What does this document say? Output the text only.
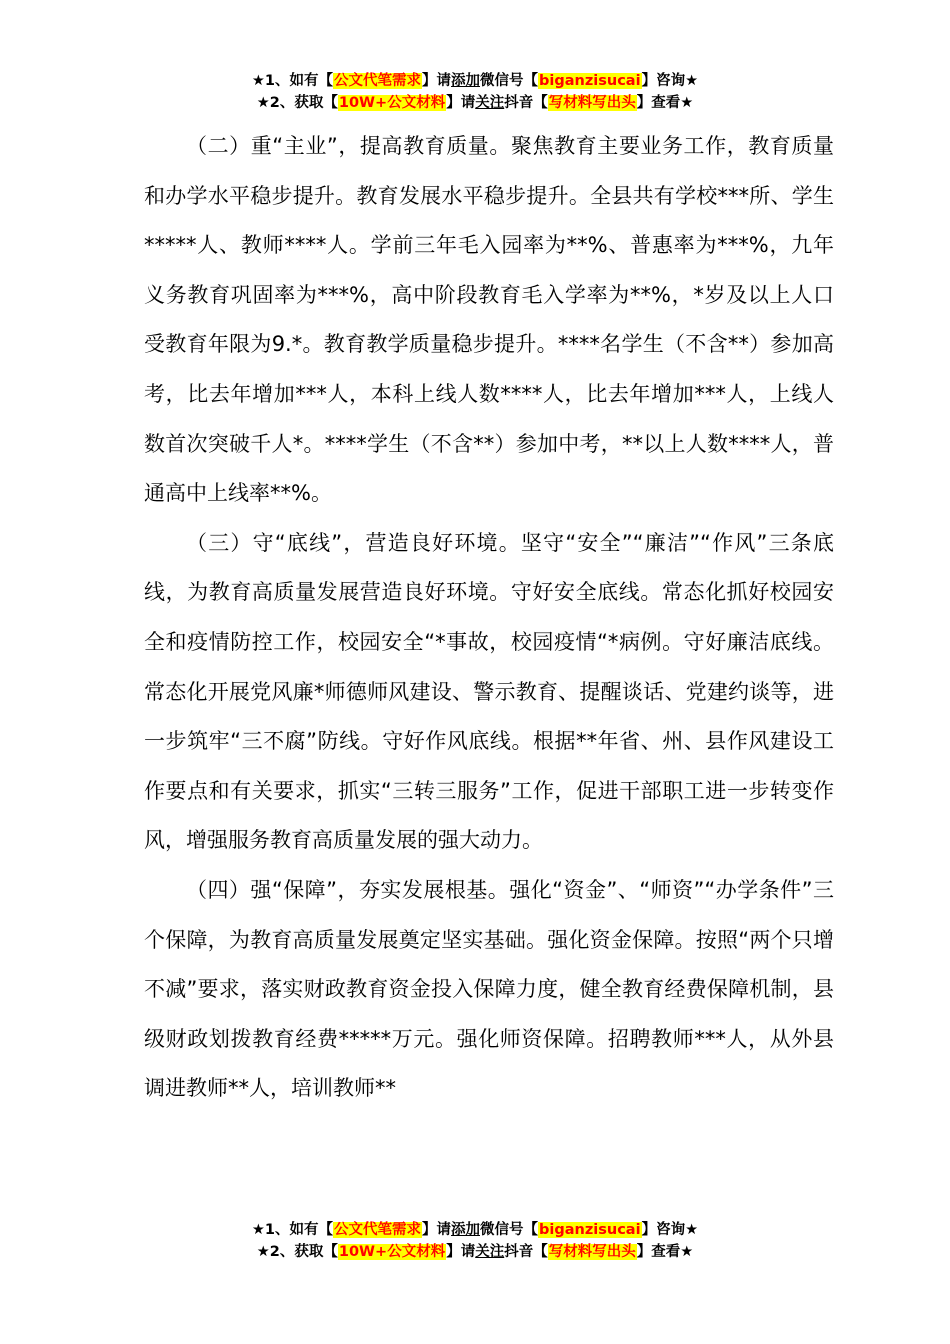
★1、如有【公文代笔需求】请添加微信号【biganzisucai】咨询★
★2、获取【10W+公文材料】请关注抖音【写材料写出头】查看★

（二）重“主业”，提高教育质量。聚焦教育主要业务工作，教育质量和办学水平稳步提升。教育发展水平稳步提升。全县共有学校***所、学生*****人、教师****人。学前三年毛入园率为**%、普惠率为***%，九年义务教育巩固率为***%，高中阶段教育毛入学率为**%，*岁及以上人口受教育年限为9.*。教育教学质量稳步提升。****名学生（不含**）参加高考，比去年增加***人，本科上线人数****人，比去年增加***人，上线人数首次突破千人*。****学生（不含**）参加中考，**以上人数****人，普通高中上线率**%。

（三）守“底线”，营造良好环境。坚守“安全”“廉洁”“作风”三条底线，为教育高质量发展营造良好环境。守好安全底线。常态化抓好校园安全和疫情防控工作，校园安全“*事故，校园疫情“*病例。守好廉洁底线。常态化开展党风廉*师德师风建设、警示教育、提醒谈话、党建约谈等，进一步筑牢“三不腐”防线。守好作风底线。根据**年省、州、县作风建设工作要点和有关要求，抓实“三转三服务”工作，促进干部职工进一步转变作风，增强服务教育高质量发展的强大动力。

（四）强“保障”，夯实发展根基。强化“资金”、“师资”“办学条件”三个保障，为教育高质量发展奠定坚实基础。强化资金保障。按照“两个只增不减”要求，落实财政教育资金投入保障力度，健全教育经费保障机制，县级财政划拨教育经费*****万元。强化师资保障。招聘教师***人，从外县调进教师**人，培训教师**

★1、如有【公文代笔需求】请添加微信号【biganzisucai】咨询★
★2、获取【10W+公文材料】请关注抖音【写材料写出头】查看★
